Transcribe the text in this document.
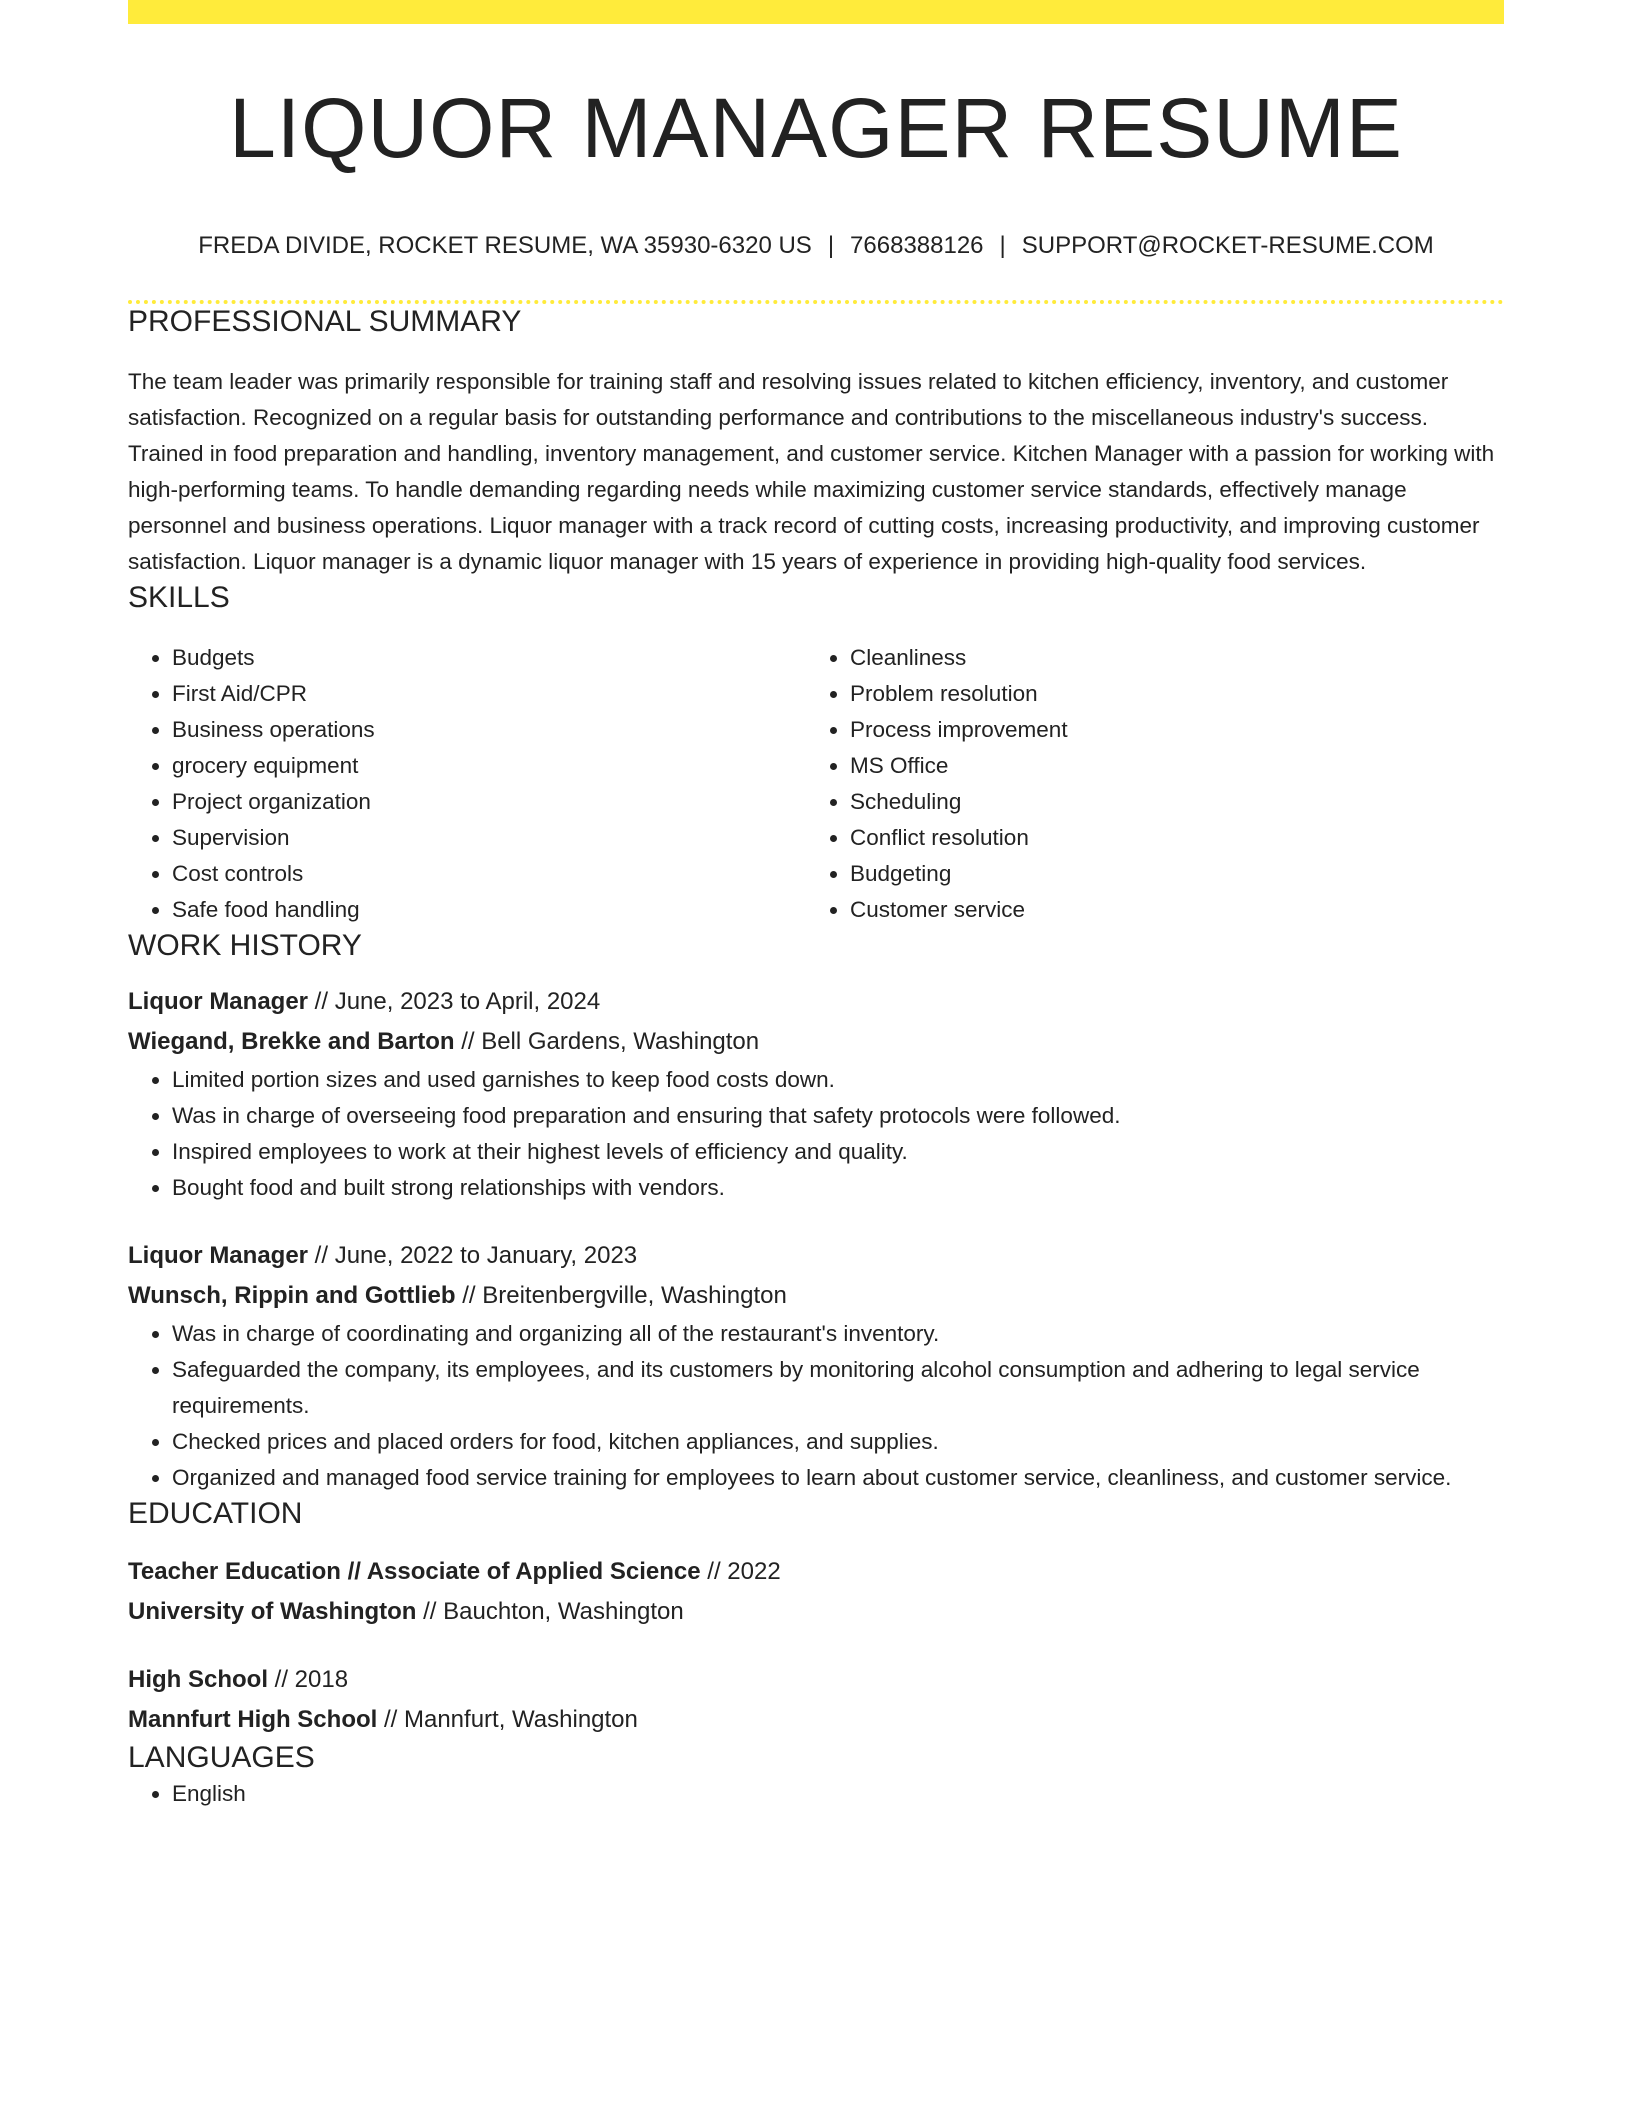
LIQUOR MANAGER RESUME
FREDA DIVIDE, ROCKET RESUME, WA 35930-6320 US | 7668388126 | SUPPORT@ROCKET-RESUME.COM
PROFESSIONAL SUMMARY
The team leader was primarily responsible for training staff and resolving issues related to kitchen efficiency, inventory, and customer satisfaction. Recognized on a regular basis for outstanding performance and contributions to the miscellaneous industry's success. Trained in food preparation and handling, inventory management, and customer service. Kitchen Manager with a passion for working with high-performing teams. To handle demanding regarding needs while maximizing customer service standards, effectively manage personnel and business operations. Liquor manager with a track record of cutting costs, increasing productivity, and improving customer satisfaction. Liquor manager is a dynamic liquor manager with 15 years of experience in providing high-quality food services.
SKILLS
• Budgets
• First Aid/CPR
• Business operations
• grocery equipment
• Project organization
• Supervision
• Cost controls
• Safe food handling
• Cleanliness
• Problem resolution
• Process improvement
• MS Office
• Scheduling
• Conflict resolution
• Budgeting
• Customer service
WORK HISTORY
Liquor Manager // June, 2023 to April, 2024
Wiegand, Brekke and Barton // Bell Gardens, Washington
• Limited portion sizes and used garnishes to keep food costs down.
• Was in charge of overseeing food preparation and ensuring that safety protocols were followed.
• Inspired employees to work at their highest levels of efficiency and quality.
• Bought food and built strong relationships with vendors.
Liquor Manager // June, 2022 to January, 2023
Wunsch, Rippin and Gottlieb // Breitenbergville, Washington
• Was in charge of coordinating and organizing all of the restaurant's inventory.
• Safeguarded the company, its employees, and its customers by monitoring alcohol consumption and adhering to legal service requirements.
• Checked prices and placed orders for food, kitchen appliances, and supplies.
• Organized and managed food service training for employees to learn about customer service, cleanliness, and customer service.
EDUCATION
Teacher Education // Associate of Applied Science // 2022
University of Washington // Bauchton, Washington
High School // 2018
Mannfurt High School // Mannfurt, Washington
LANGUAGES
• English
